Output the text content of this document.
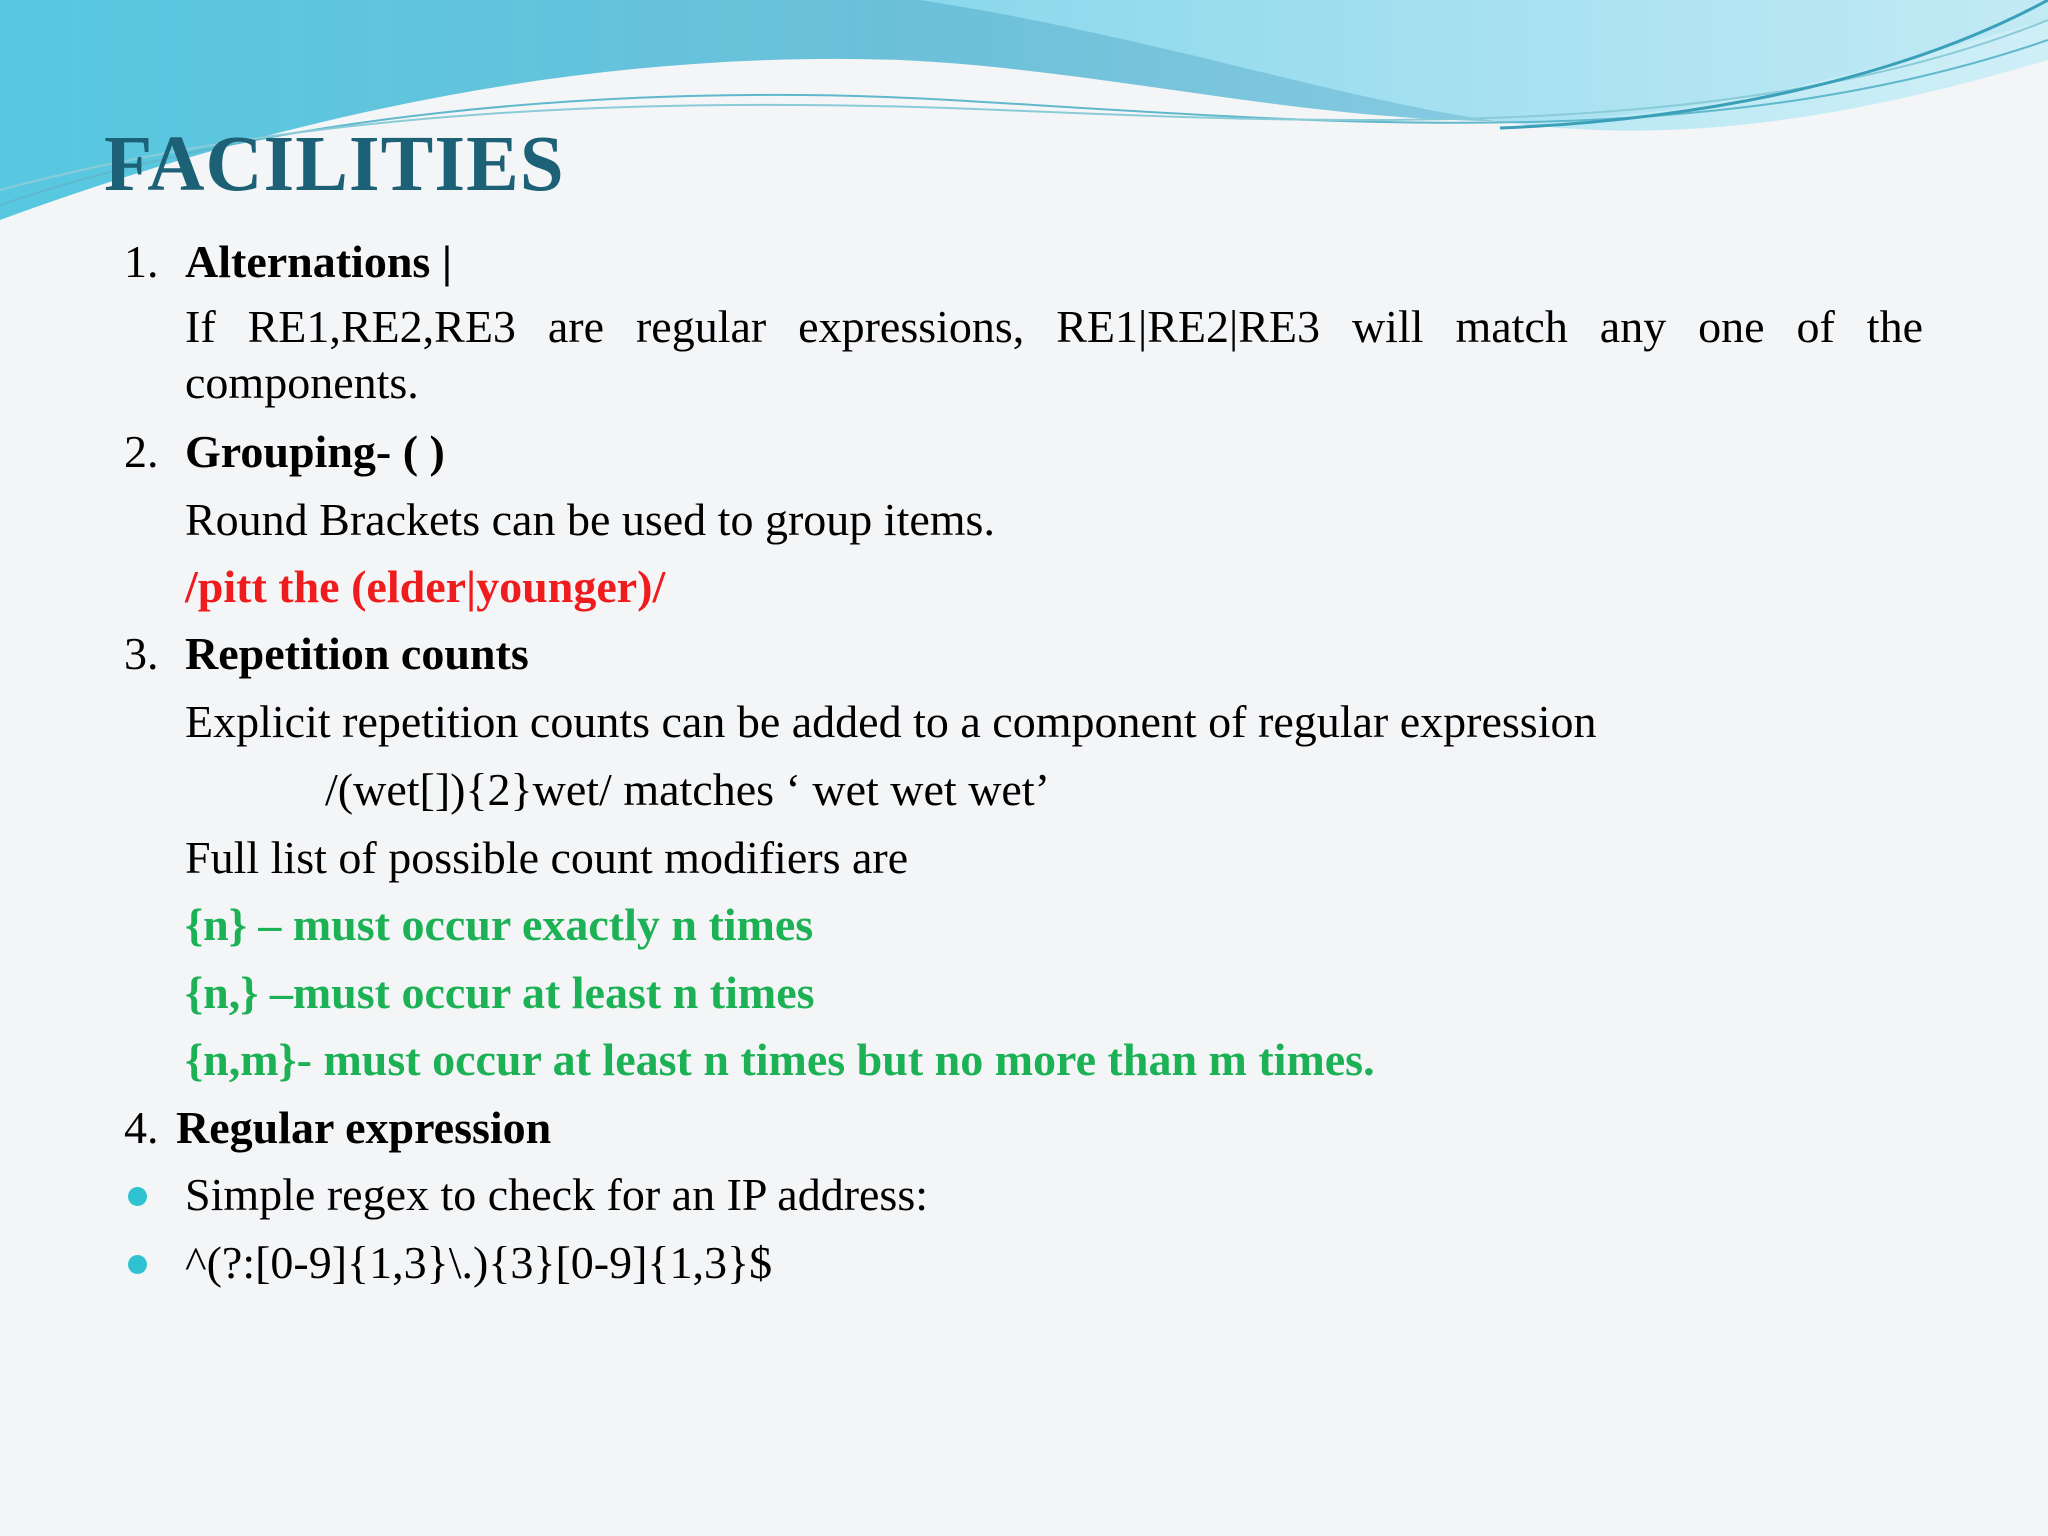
FACILITIES
1. Alternations |
If RE1,RE2,RE3 are regular expressions, RE1|RE2|RE3 will match any one of the components.
2. Grouping- ( )
Round Brackets can be used to group items.
/pitt the (elder|younger)/
3. Repetition counts
Explicit repetition counts can be added to a component of regular expression
/(wet[]){2}wet/ matches ‘ wet wet wet’
Full list of possible count modifiers are
{n} – must occur exactly n times
{n,} –must occur at least n times
{n,m}- must occur at least n times but no more than m times.
4. Regular expression
Simple regex to check for an IP address:
^(?:[0-9]{1,3}\.){3}[0-9]{1,3}$
